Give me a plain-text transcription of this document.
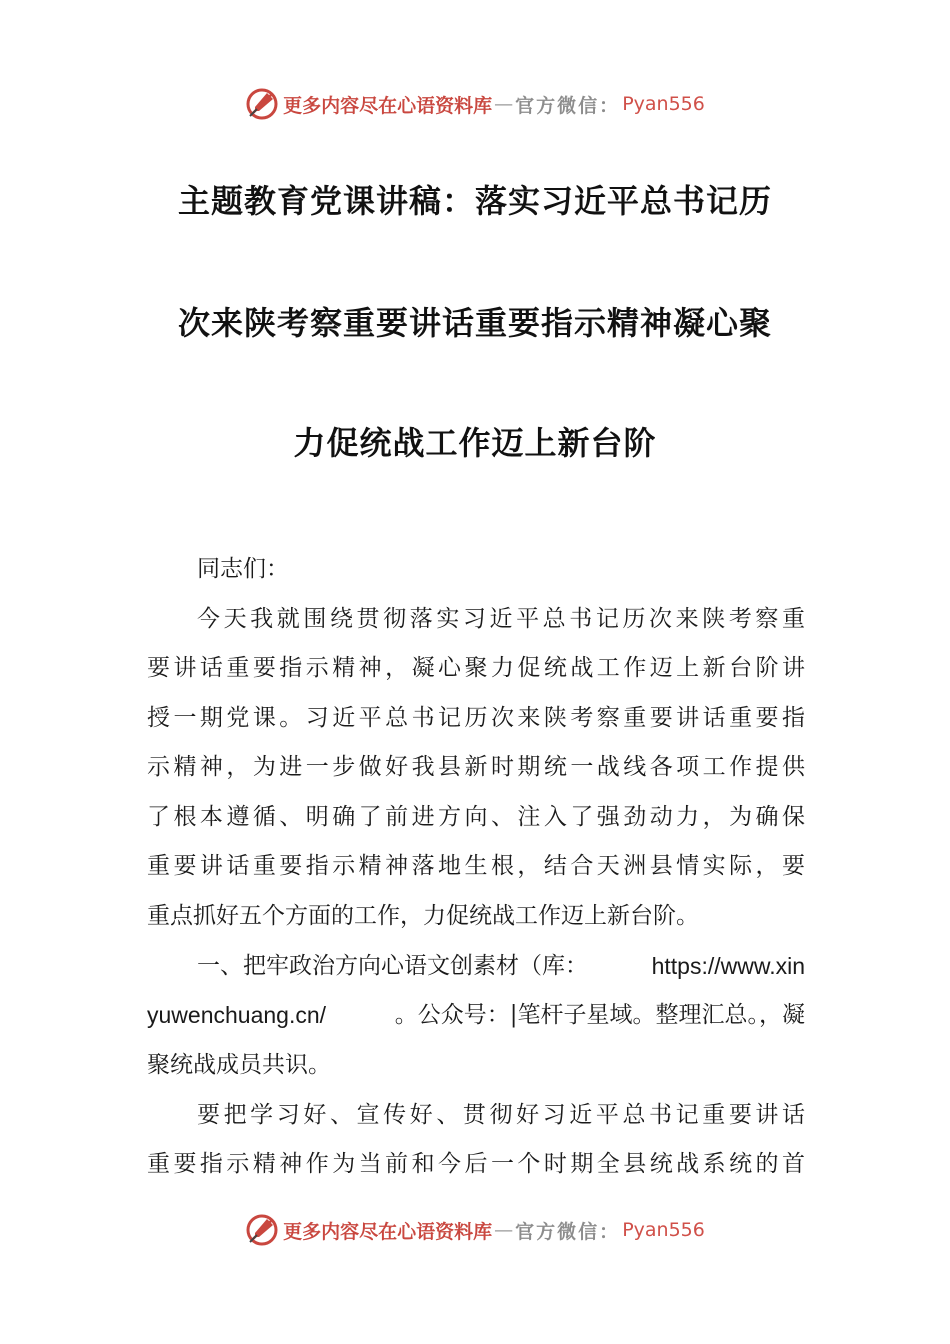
更多内容尽在心语资料库 — 官方微信： Pyan556
主题教育党课讲稿：落实习近平总书记历
次来陕考察重要讲话重要指示精神凝心聚
力促统战工作迈上新台阶
同志们：
今天我就围绕贯彻落实习近平总书记历次来陕考察重
要讲话重要指示精神，凝心聚力促统战工作迈上新台阶讲
授一期党课。习近平总书记历次来陕考察重要讲话重要指
示精神，为进一步做好我县新时期统一战线各项工作提供
了根本遵循、明确了前进方向、注入了强劲动力，为确保
重要讲话重要指示精神落地生根，结合天洲县情实际，要
重点抓好五个方面的工作，力促统战工作迈上新台阶。
一、把牢政治方向心语文创素材（库：	https://www.xin
yuwenchuang.cn/	。公众号：|笔杆子星域。整理汇总。，凝
聚统战成员共识。
要把学习好、宣传好、贯彻好习近平总书记重要讲话
重要指示精神作为当前和今后一个时期全县统战系统的首
更多内容尽在心语资料库 — 官方微信： Pyan556
